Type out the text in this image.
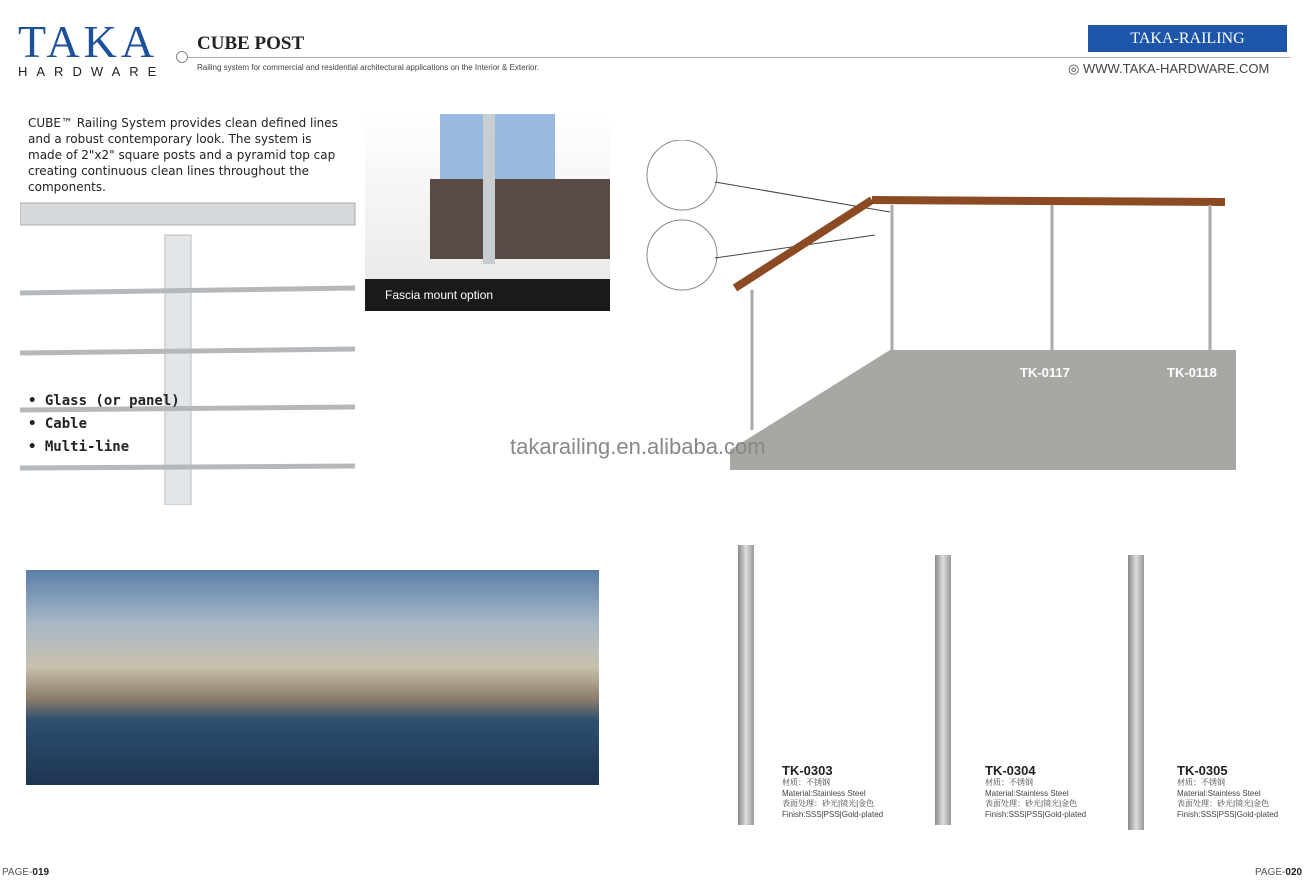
TAKA
HARDWARE
CUBE POST
Railing system for commercial and residential architectural applications on the Interior & Exterior.
TAKA-RAILING
◎ WWW.TAKA-HARDWARE.COM
CUBE™ Railing System provides clean defined lines and a robust contemporary look. The system is made of 2"x2" square posts and a pyramid top cap creating continuous clean lines throughout the components.
• Glass (or panel)
• Cable
• Multi-line
Fascia mount option
TK-0117	TK-0118
takarailing.en.alibaba.com
TK-0303
材质：不锈钢
Material:Stainless Steel
表面处理：砂光|镜光|金色
Finish:SSS|PSS|Gold-plated
TK-0304
材质：不锈钢
Material:Stainless Steel
表面处理：砂光|镜光|金色
Finish:SSS|PSS|Gold-plated
TK-0305
材质：不锈钢
Material:Stainless Steel
表面处理：砂光|镜光|金色
Finish:SSS|PSS|Gold-plated
PAGE-019	PAGE-020
